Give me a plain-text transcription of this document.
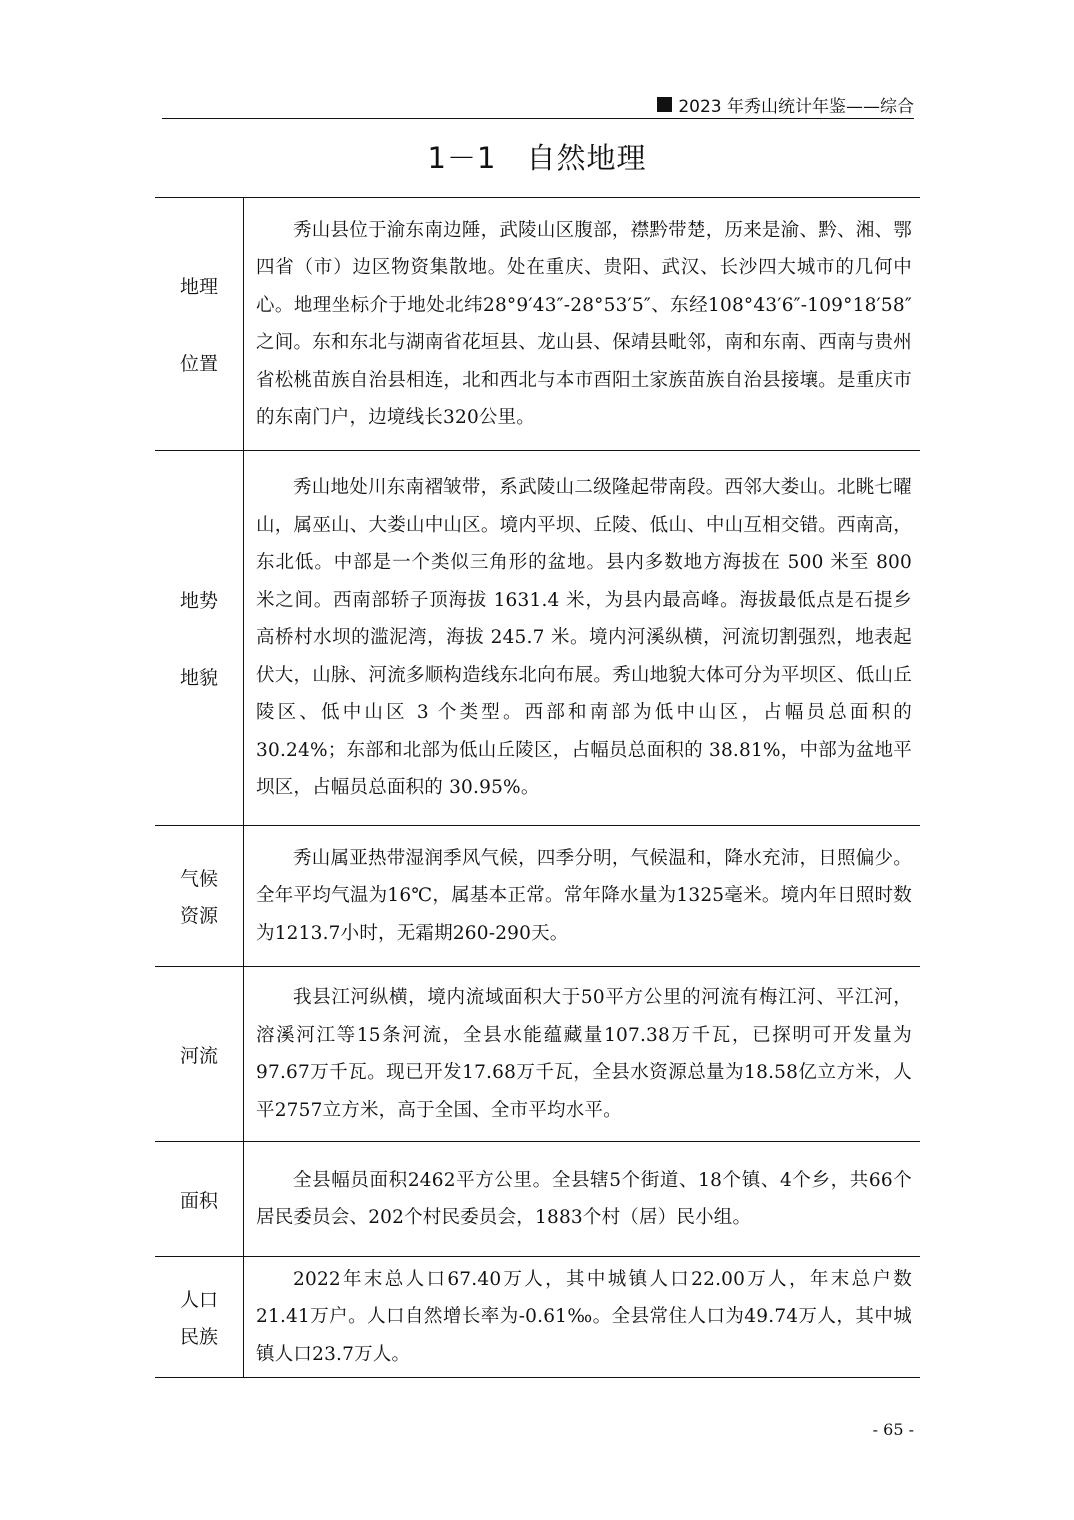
2023 年秀山统计年鉴——综合
1－1 自然地理
地理
位置	秀山县位于渝东南边陲，武陵山区腹部，襟黔带楚，历来是渝、黔、湘、鄂四省（市）边区物资集散地。处在重庆、贵阳、武汉、长沙四大城市的几何中心。地理坐标介于地处北纬28°9′43″-28°53′5″、东经108°43′6″-109°18′58″之间。东和东北与湖南省花垣县、龙山县、保靖县毗邻，南和东南、西南与贵州省松桃苗族自治县相连，北和西北与本市酉阳土家族苗族自治县接壤。是重庆市的东南门户，边境线长320公里。

地势
地貌	秀山地处川东南褶皱带，系武陵山二级隆起带南段。西邻大娄山。北眺七曜山，属巫山、大娄山中山区。境内平坝、丘陵、低山、中山互相交错。西南高，东北低。中部是一个类似三角形的盆地。县内多数地方海拔在 500 米至 800 米之间。西南部轿子顶海拔 1631.4 米，为县内最高峰。海拔最低点是石提乡高桥村水坝的滥泥湾，海拔 245.7 米。境内河溪纵横，河流切割强烈，地表起伏大，山脉、河流多顺构造线东北向布展。秀山地貌大体可分为平坝区、低山丘陵区、低中山区 3 个类型。西部和南部为低中山区，占幅员总面积的 30.24%；东部和北部为低山丘陵区，占幅员总面积的 38.81%，中部为盆地平坝区，占幅员总面积的 30.95%。

气候
资源	秀山属亚热带湿润季风气候，四季分明，气候温和，降水充沛，日照偏少。全年平均气温为16℃，属基本正常。常年降水量为1325毫米。境内年日照时数为1213.7小时，无霜期260-290天。

河流	我县江河纵横，境内流域面积大于50平方公里的河流有梅江河、平江河，溶溪河江等15条河流，全县水能蕴藏量107.38万千瓦，已探明可开发量为97.67万千瓦。现已开发17.68万千瓦，全县水资源总量为18.58亿立方米，人平2757立方米，高于全国、全市平均水平。

面积	全县幅员面积2462平方公里。全县辖5个街道、18个镇、4个乡，共66个居民委员会、202个村民委员会，1883个村（居）民小组。

人口
民族	2022年末总人口67.40万人，其中城镇人口22.00万人，年末总户数21.41万户。人口自然增长率为-0.61‰。全县常住人口为49.74万人，其中城镇人口23.7万人。

- 65 -
